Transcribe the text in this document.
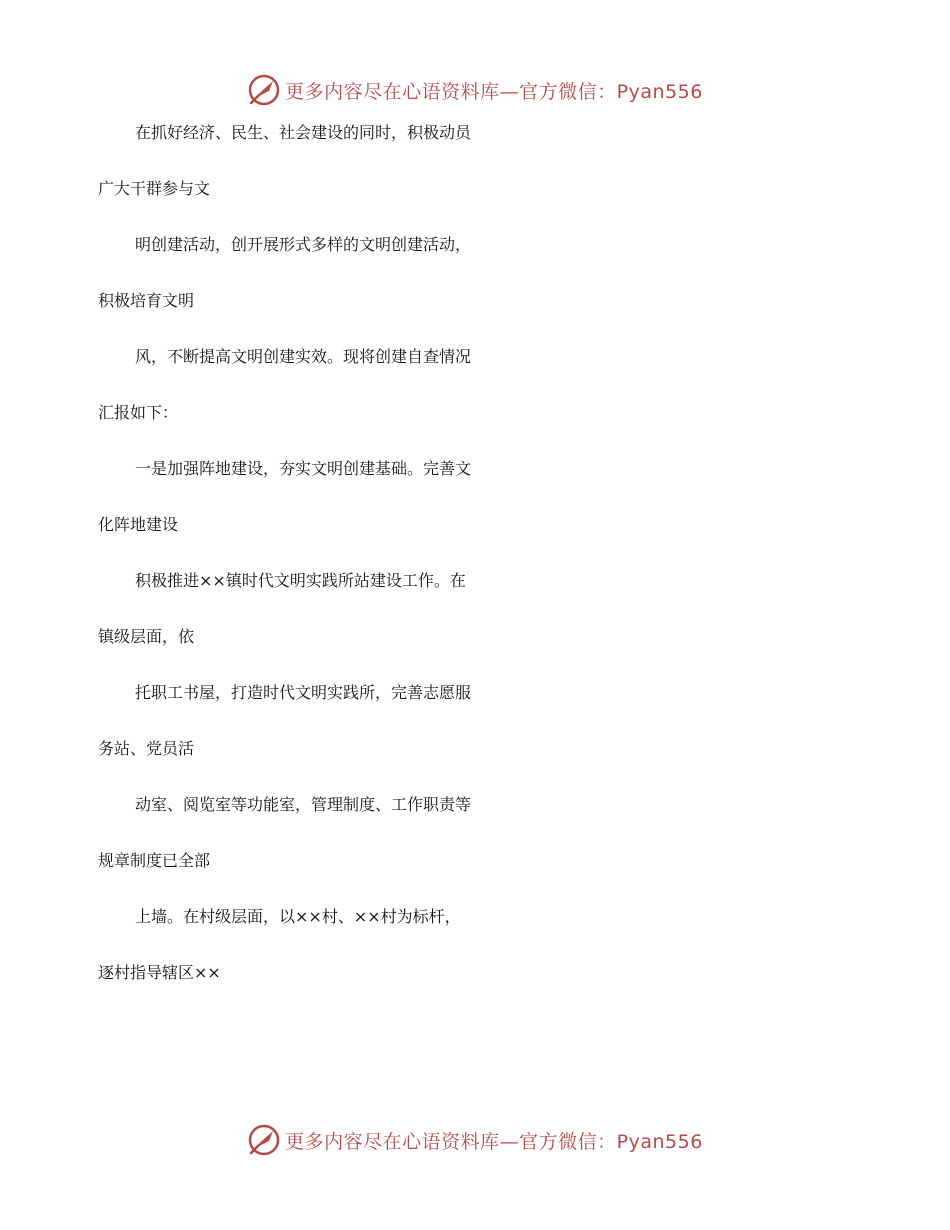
更多内容尽在心语资料库—官方微信：Pyan556
在抓好经济、民生、社会建设的同时，积极动员
广大干群参与文
明创建活动，创开展形式多样的文明创建活动，
积极培育文明
风，不断提高文明创建实效。现将创建自查情况
汇报如下：
一是加强阵地建设，夯实文明创建基础。完善文
化阵地建设
积极推进××镇时代文明实践所站建设工作。在
镇级层面，依
托职工书屋，打造时代文明实践所，完善志愿服
务站、党员活
动室、阅览室等功能室，管理制度、工作职责等
规章制度已全部
上墙。在村级层面，以××村、××村为标杆，
逐村指导辖区××
更多内容尽在心语资料库—官方微信：Pyan556
